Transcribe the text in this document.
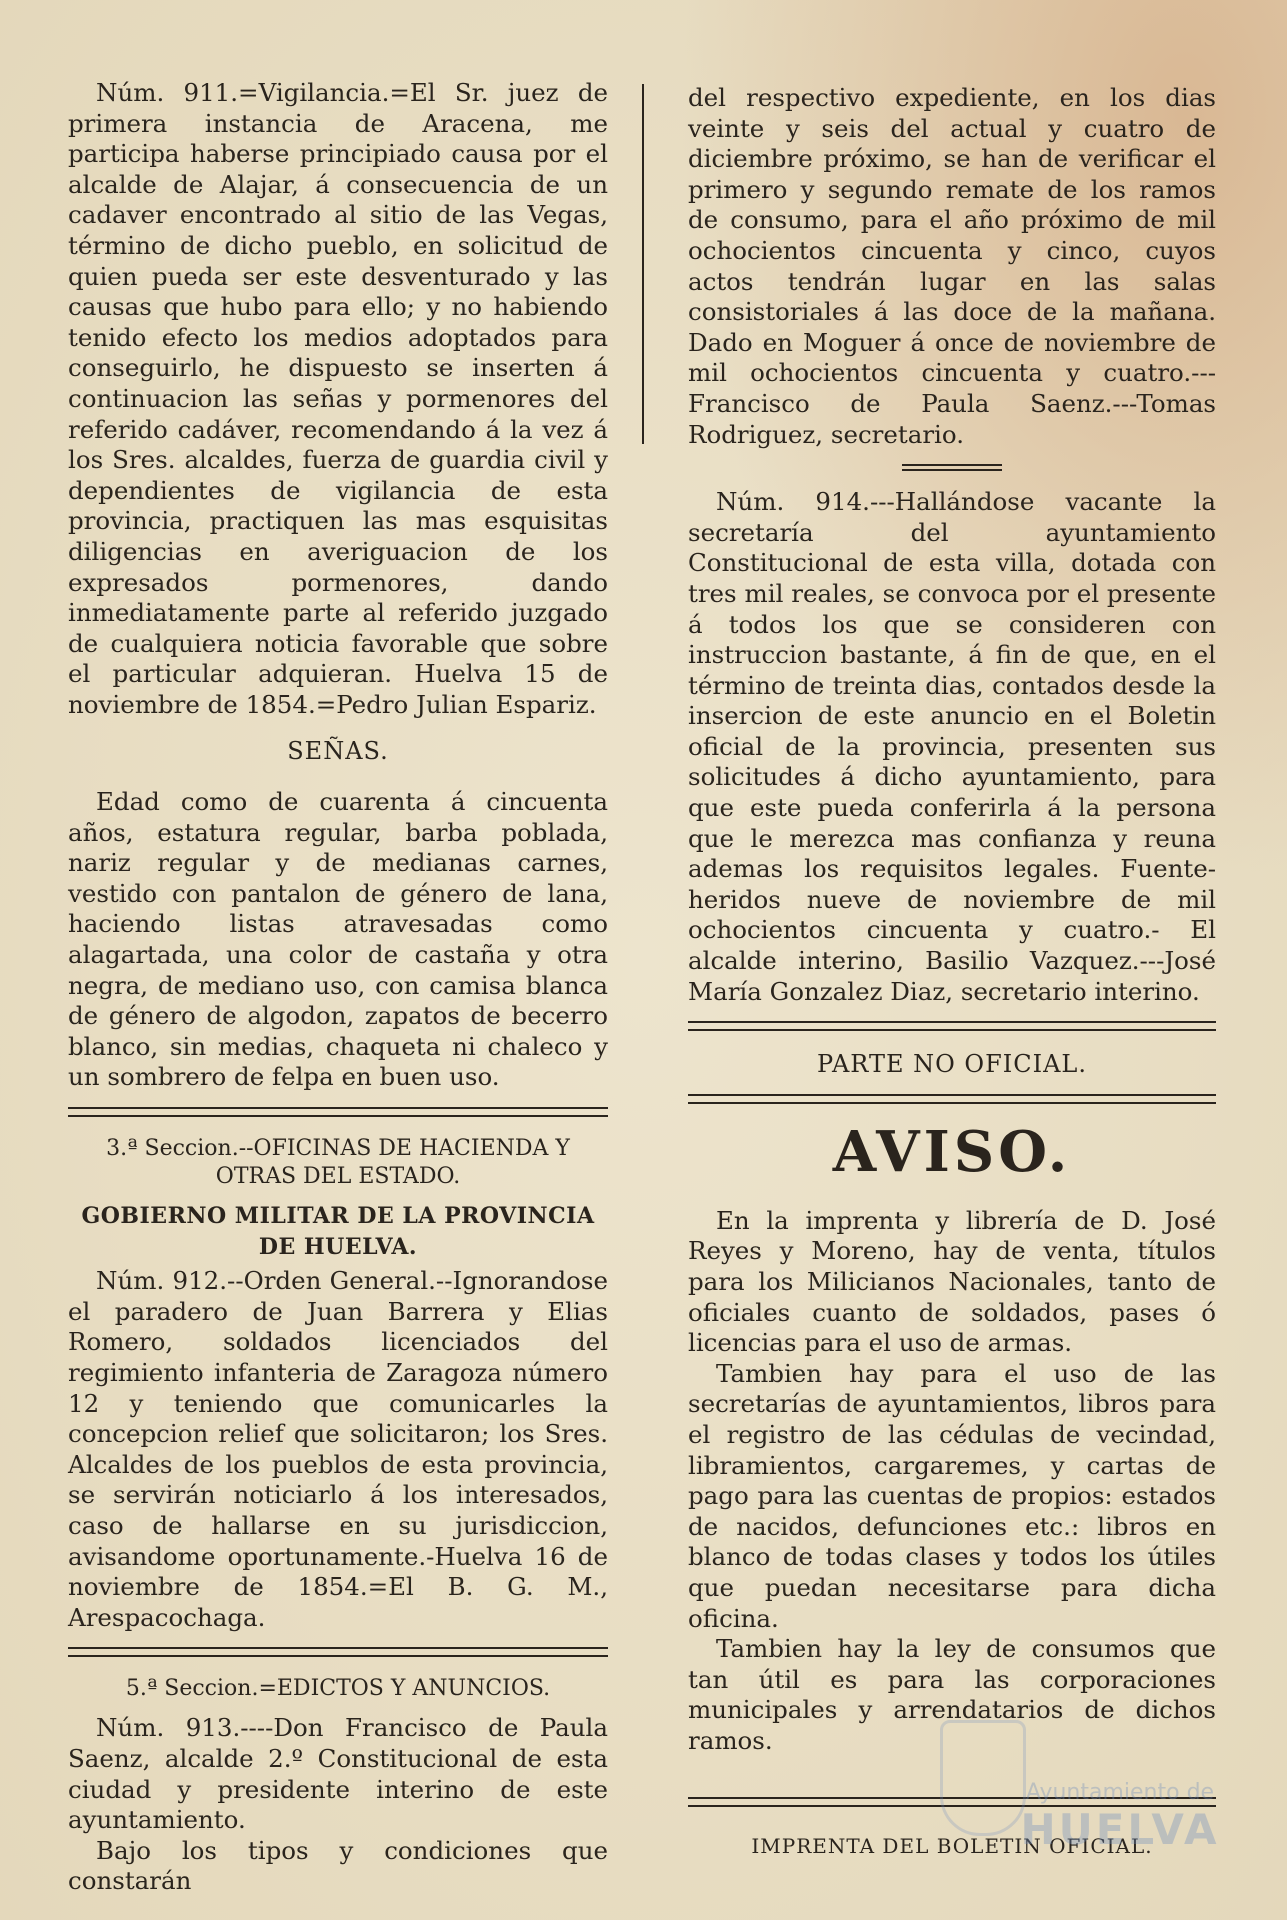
Núm. 911.=Vigilancia.=El Sr. juez de primera instancia de Aracena, me participa haberse principiado causa por el alcalde de Alajar, á consecuencia de un cadaver encontrado al sitio de las Vegas, término de dicho pueblo, en solicitud de quien pueda ser este desventurado y las causas que hubo para ello; y no habiendo tenido efecto los medios adoptados para conseguirlo, he dispuesto se inserten á continuacion las señas y pormenores del referido cadáver, recomendando á la vez á los Sres. alcaldes, fuerza de guardia civil y dependientes de vigilancia de esta provincia, practiquen las mas esquisitas diligencias en averiguacion de los expresados pormenores, dando inmediatamente parte al referido juzgado de cualquiera noticia favorable que sobre el particular adquieran. Huelva 15 de noviembre de 1854.=Pedro Julian Espariz.

SEÑAS.

Edad como de cuarenta á cincuenta años, estatura regular, barba poblada, nariz regular y de medianas carnes, vestido con pantalon de género de lana, haciendo listas atravesadas como alagartada, una color de castaña y otra negra, de mediano uso, con camisa blanca de género de algodon, zapatos de becerro blanco, sin medias, chaqueta ni chaleco y un sombrero de felpa en buen uso.

3.ª Seccion.--OFICINAS DE HACIENDA Y OTRAS DEL ESTADO.
GOBIERNO MILITAR DE LA PROVINCIA DE HUELVA.

Núm. 912.--Orden General.--Ignorandose el paradero de Juan Barrera y Elias Romero, soldados licenciados del regimiento infanteria de Zaragoza número 12 y teniendo que comunicarles la concepcion relief que solicitaron; los Sres. Alcaldes de los pueblos de esta provincia, se servirán noticiarlo á los interesados, caso de hallarse en su jurisdiccion, avisandome oportunamente.-Huelva 16 de noviembre de 1854.=El B. G. M., Arespacochaga.

5.ª Seccion.=EDICTOS Y ANUNCIOS.

Núm. 913.----Don Francisco de Paula Saenz, alcalde 2.º Constitucional de esta ciudad y presidente interino de este ayuntamiento.

Bajo los tipos y condiciones que constarán

del respectivo expediente, en los dias veinte y seis del actual y cuatro de diciembre próximo, se han de verificar el primero y segundo remate de los ramos de consumo, para el año próximo de mil ochocientos cincuenta y cinco, cuyos actos tendrán lugar en las salas consistoriales á las doce de la mañana. Dado en Moguer á once de noviembre de mil ochocientos cincuenta y cuatro.---Francisco de Paula Saenz.---Tomas Rodriguez, secretario.

Núm. 914.---Hallándose vacante la secretaría del ayuntamiento Constitucional de esta villa, dotada con tres mil reales, se convoca por el presente á todos los que se consideren con instruccion bastante, á fin de que, en el término de treinta dias, contados desde la insercion de este anuncio en el Boletin oficial de la provincia, presenten sus solicitudes á dicho ayuntamiento, para que este pueda conferirla á la persona que le merezca mas confianza y reuna ademas los requisitos legales. Fuente-heridos nueve de noviembre de mil ochocientos cincuenta y cuatro.- El alcalde interino, Basilio Vazquez.---José María Gonzalez Diaz, secretario interino.

PARTE NO OFICIAL.
AVISO.

En la imprenta y librería de D. José Reyes y Moreno, hay de venta, títulos para los Milicianos Nacionales, tanto de oficiales cuanto de soldados, pases ó licencias para el uso de armas.

Tambien hay para el uso de las secretarías de ayuntamientos, libros para el registro de las cédulas de vecindad, libramientos, cargaremes, y cartas de pago para las cuentas de propios: estados de nacidos, defunciones etc.: libros en blanco de todas clases y todos los útiles que puedan necesitarse para dicha oficina.

Tambien hay la ley de consumos que tan útil es para las corporaciones municipales y arrendatarios de dichos ramos.

IMPRENTA DEL BOLETIN OFICIAL.
Ayuntamiento de
HUELVA
